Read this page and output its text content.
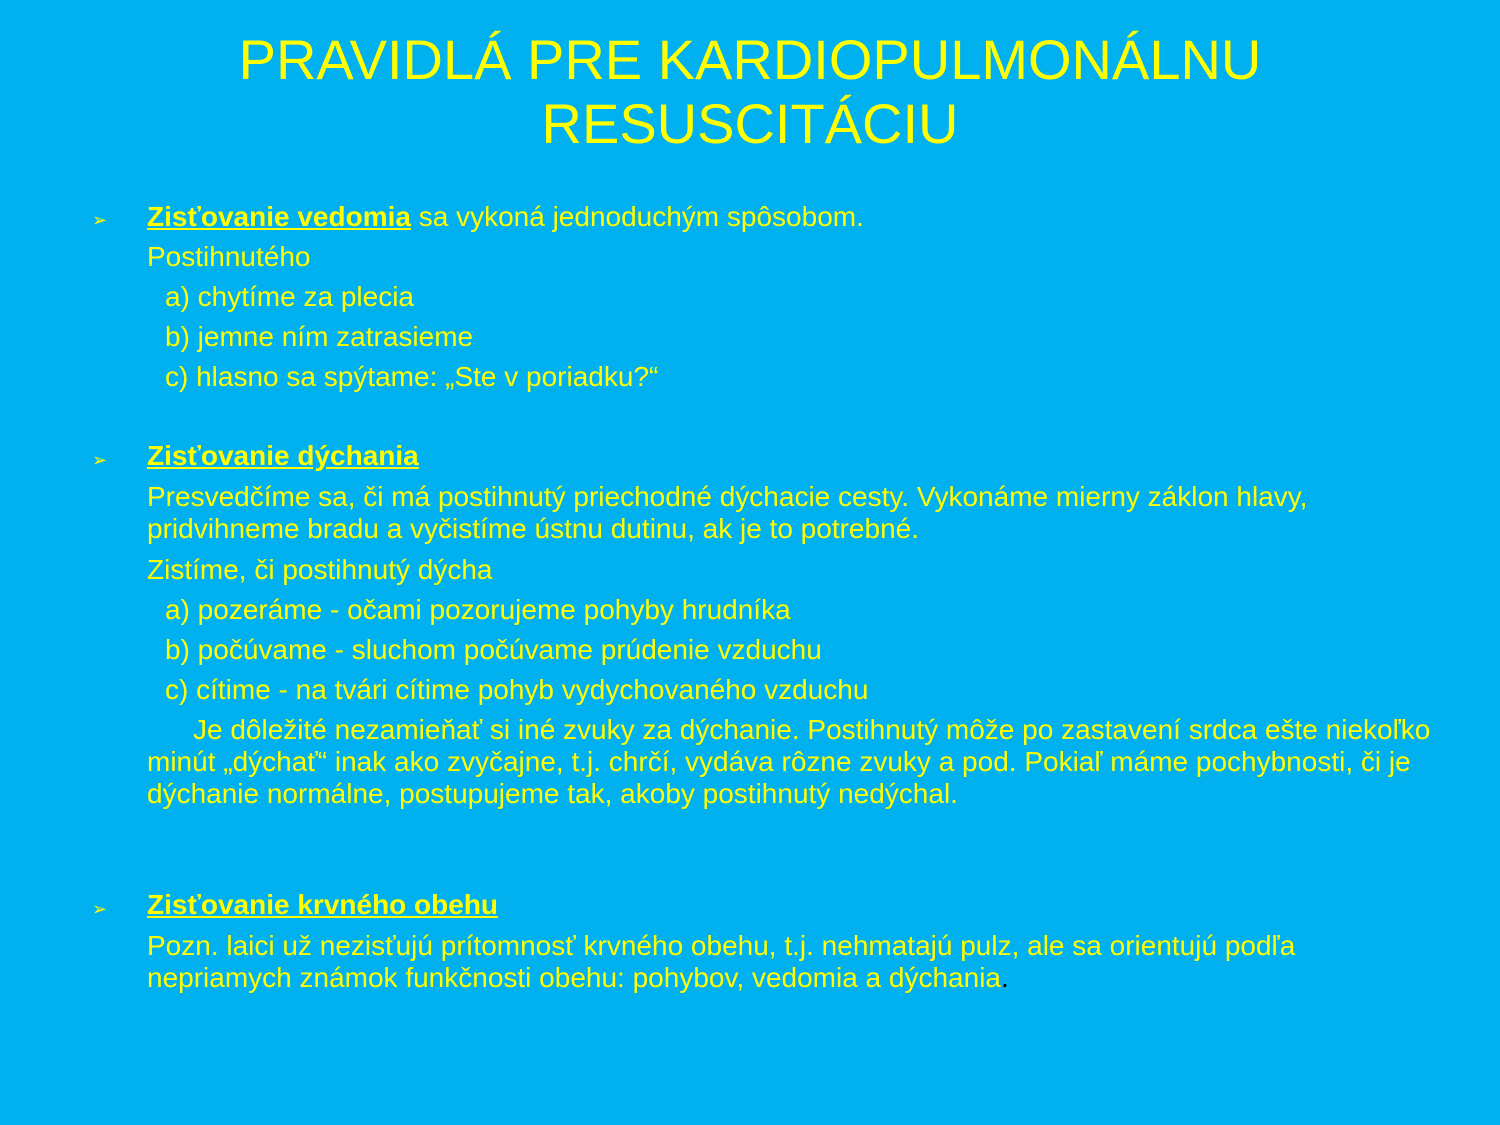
PRAVIDLÁ PRE KARDIOPULMONÁLNU
RESUSCITÁCIU
➢ Zisťovanie vedomia sa vykoná jednoduchým spôsobom.
Postihnutého
a) chytíme za plecia
b) jemne ním zatrasieme
c) hlasno sa spýtame: „Ste v poriadku?“
➢ Zisťovanie dýchania
Presvedčíme sa, či má postihnutý priechodné dýchacie cesty. Vykonáme mierny záklon hlavy, pridvihneme bradu a vyčistíme ústnu dutinu, ak je to potrebné.
Zistíme, či postihnutý dýcha
a) pozeráme - očami pozorujeme pohyby hrudníka
b) počúvame - sluchom počúvame prúdenie vzduchu
c) cítime - na tvári cítime pohyb vydychovaného vzduchu
Je dôležité nezamieňať si iné zvuky za dýchanie. Postihnutý môže po zastavení srdca ešte niekoľko minút „dýchať“ inak ako zvyčajne, t.j. chrčí, vydáva rôzne zvuky a pod. Pokiaľ máme pochybnosti, či je dýchanie normálne, postupujeme tak, akoby postihnutý nedýchal.
➢ Zisťovanie krvného obehu
Pozn. laici už nezisťujú prítomnosť krvného obehu, t.j. nehmatajú pulz, ale sa orientujú podľa nepriamych známok funkčnosti obehu: pohybov, vedomia a dýchania.
